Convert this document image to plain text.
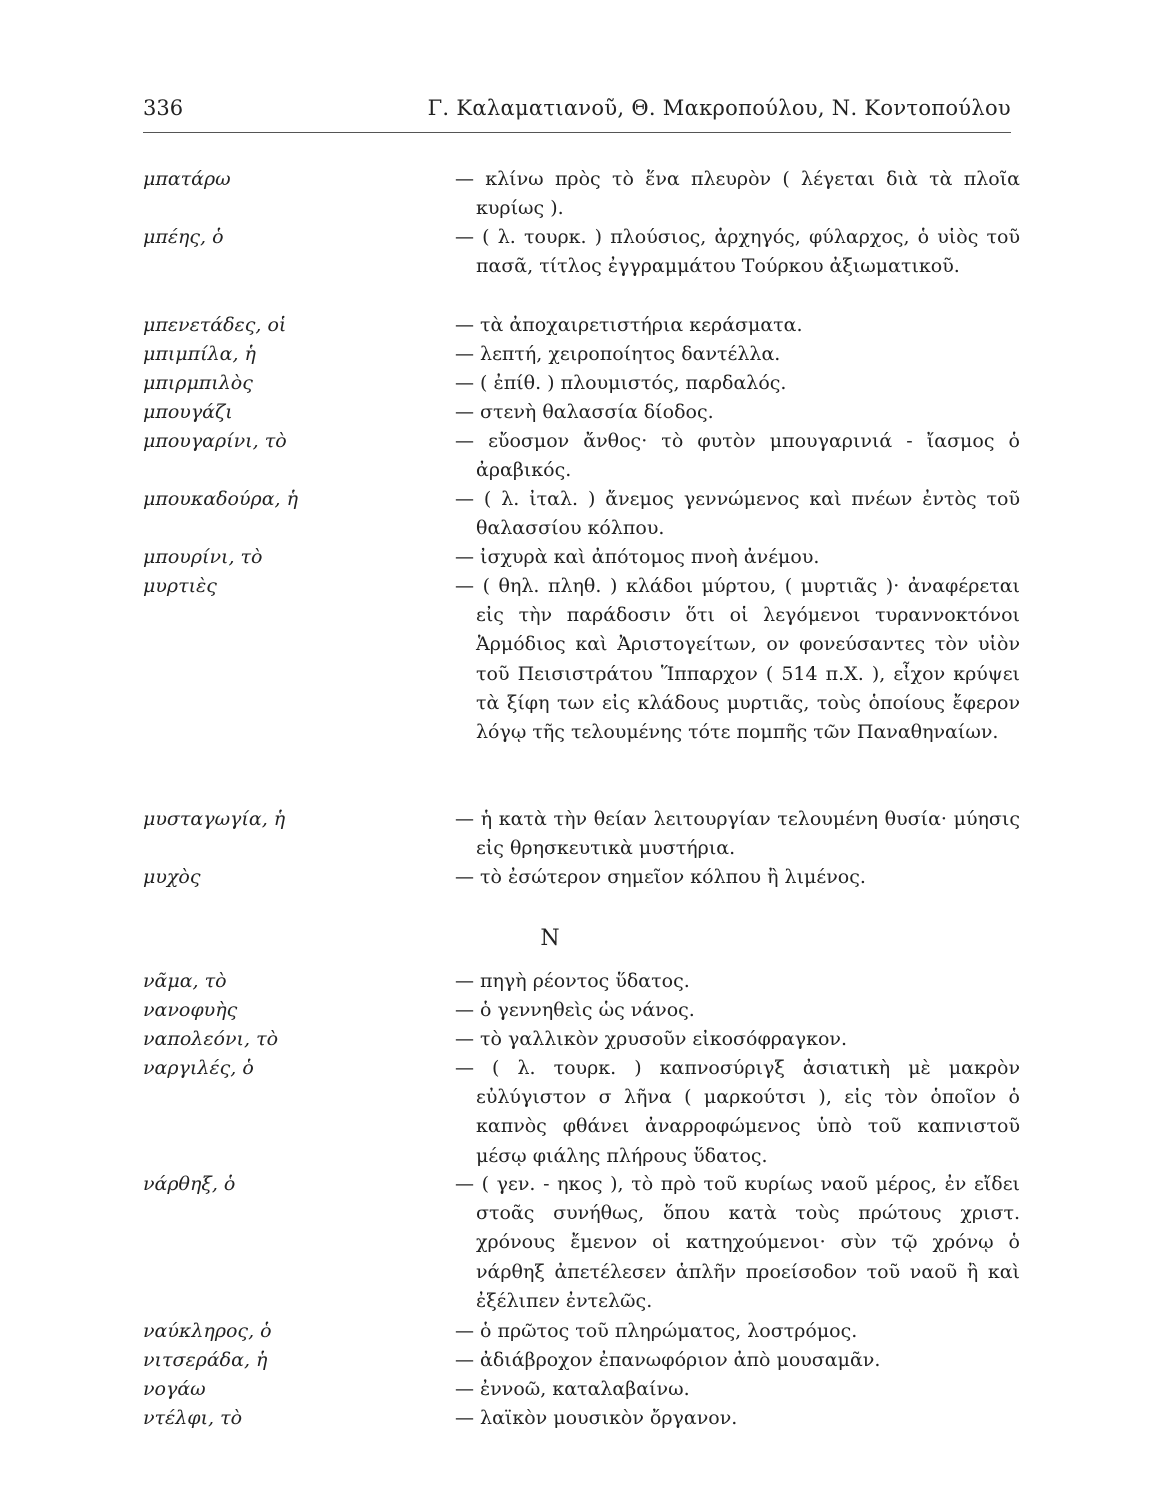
336	Γ. Καλαματιανοῦ, Θ. Μακροπούλου, Ν. Κοντοπούλου
μπατάρω	— κλίνω πρὸς τὸ ἕνα πλευρὸν ( λέγεται διὰ τὰ πλοῖα κυρίως ).
μπέης, ὁ	— ( λ. τουρκ. ) πλούσιος, ἀρχηγός, φύλαρχος, ὁ υἱὸς τοῦ πασᾶ, τίτλος ἐγγραμμάτου Τούρκου ἀξιωματικοῦ.
μπενετάδες, οἱ	— τὰ ἀποχαιρετιστήρια κεράσματα.
μπιμπίλα, ἡ	— λεπτή, χειροποίητος δαντέλλα.
μπιρμπιλὸς	— ( ἐπίθ. ) πλουμιστός, παρδαλός.
μπουγάζι	— στενὴ θαλασσία δίοδος.
μπουγαρίνι, τὸ	— εὔοσμον ἄνθος· τὸ φυτὸν μπουγαρινιά - ἴασμος ὁ ἀραβικός.
μπουκαδούρα, ἡ	— ( λ. ἰταλ. ) ἄνεμος γεννώμενος καὶ πνέων ἐντὸς τοῦ θαλασσίου κόλπου.
μπουρίνι, τὸ	— ἰσχυρὰ καὶ ἀπότομος πνοὴ ἀνέμου.
μυρτιὲς	— ( θηλ. πληθ. ) κλάδοι μύρτου, ( μυρτιᾶς )· ἀναφέρεται εἰς τὴν παράδοσιν ὅτι οἱ λεγόμενοι τυραννοκτόνοι Ἁρμόδιος καὶ Ἀριστογείτων, ον φονεύσαντες τὸν υἱὸν τοῦ Πεισιστράτου Ἵππαρχον ( 514 π.Χ. ), εἶχον κρύψει τὰ ξίφη των εἰς κλάδους μυρτιᾶς, τοὺς ὁποίους ἔφερον λόγῳ τῆς τελουμένης τότε πομπῆς τῶν Παναθηναίων.
μυσταγωγία, ἡ	— ἡ κατὰ τὴν θείαν λειτουργίαν τελουμένη θυσία· μύησις εἰς θρησκευτικὰ μυστήρια.
μυχὸς	— τὸ ἐσώτερον σημεῖον κόλπου ἢ λιμένος.
Ν
νᾶμα, τὸ	— πηγὴ ρέοντος ὕδατος.
νανοφυὴς	— ὁ γεννηθεὶς ὡς νάνος.
ναπολεόνι, τὸ	— τὸ γαλλικὸν χρυσοῦν εἰκοσόφραγκον.
ναργιλές, ὁ	— ( λ. τουρκ. ) καπνοσύριγξ ἀσιατικὴ μὲ μακρὸν εὐλύγιστον σ λῆνα ( μαρκούτσι ), εἰς τὸν ὁποῖον ὁ καπνὸς φθάνει ἀναρροφώμενος ὑπὸ τοῦ καπνιστοῦ μέσῳ φιάλης πλήρους ὕδατος.
νάρθηξ, ὁ	— ( γεν. - ηκος ), τὸ πρὸ τοῦ κυρίως ναοῦ μέρος, ἐν εἴδει στοᾶς συνήθως, ὅπου κατὰ τοὺς πρώτους χριστ. χρόνους ἔμενον οἱ κατηχούμενοι· σὺν τῷ χρόνῳ ὁ νάρθηξ ἀπετέλεσεν ἁπλῆν προείσοδον τοῦ ναοῦ ἢ καὶ ἐξέλιπεν ἐντελῶς.
ναύκληρος, ὁ	— ὁ πρῶτος τοῦ πληρώματος, λοστρόμος.
νιτσεράδα, ἡ	— ἀδιάβροχον ἐπανωφόριον ἀπὸ μουσαμᾶν.
νογάω	— ἐννοῶ, καταλαβαίνω.
ντέλφι, τὸ	— λαϊκὸν μουσικὸν ὄργανον.
